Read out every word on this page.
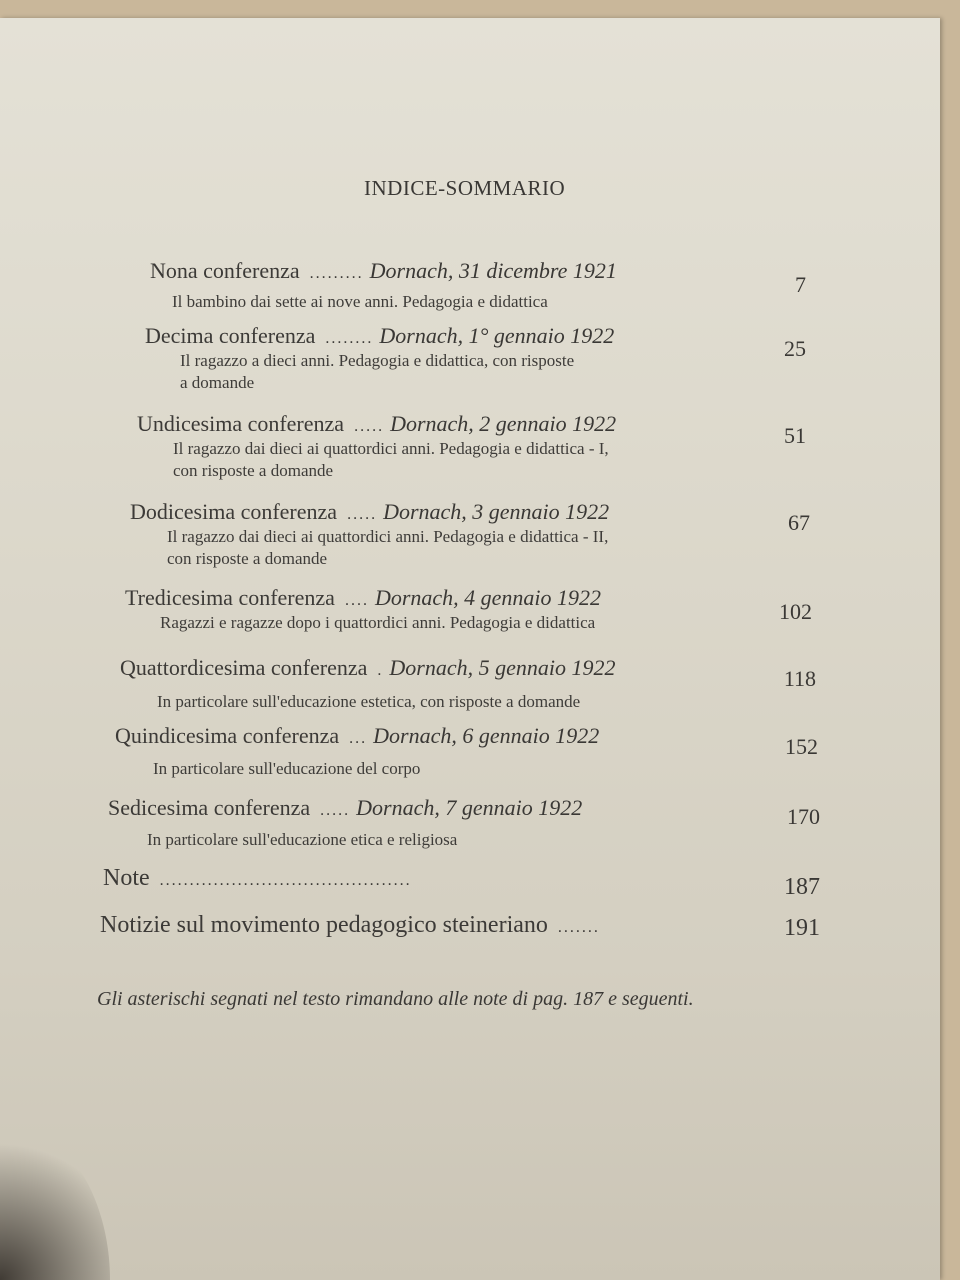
INDICE-SOMMARIO
Nona conferenza ......... Dornach, 31 dicembre 1921
Il bambino dai sette ai nove anni. Pedagogia e didattica
7
Decima conferenza ........ Dornach, 1° gennaio 1922
Il ragazzo a dieci anni. Pedagogia e didattica, con risposte
a domande
25
Undicesima conferenza ..... Dornach, 2 gennaio 1922
Il ragazzo dai dieci ai quattordici anni. Pedagogia e didattica - I,
con risposte a domande
51
Dodicesima conferenza ..... Dornach, 3 gennaio 1922
Il ragazzo dai dieci ai quattordici anni. Pedagogia e didattica - II,
con risposte a domande
67
Tredicesima conferenza .... Dornach, 4 gennaio 1922
Ragazzi e ragazze dopo i quattordici anni. Pedagogia e didattica	102
Quattordicesima conferenza . Dornach, 5 gennaio 1922
In particolare sull'educazione estetica, con risposte a domande
118
Quindicesima conferenza ... Dornach, 6 gennaio 1922
In particolare sull'educazione del corpo
152
Sedicesima conferenza ..... Dornach, 7 gennaio 1922
In particolare sull'educazione etica e religiosa
170
Note ..........................................	187
Notizie sul movimento pedagogico steineriano .......	191
Gli asterischi segnati nel testo rimandano alle note di pag. 187 e seguenti.
